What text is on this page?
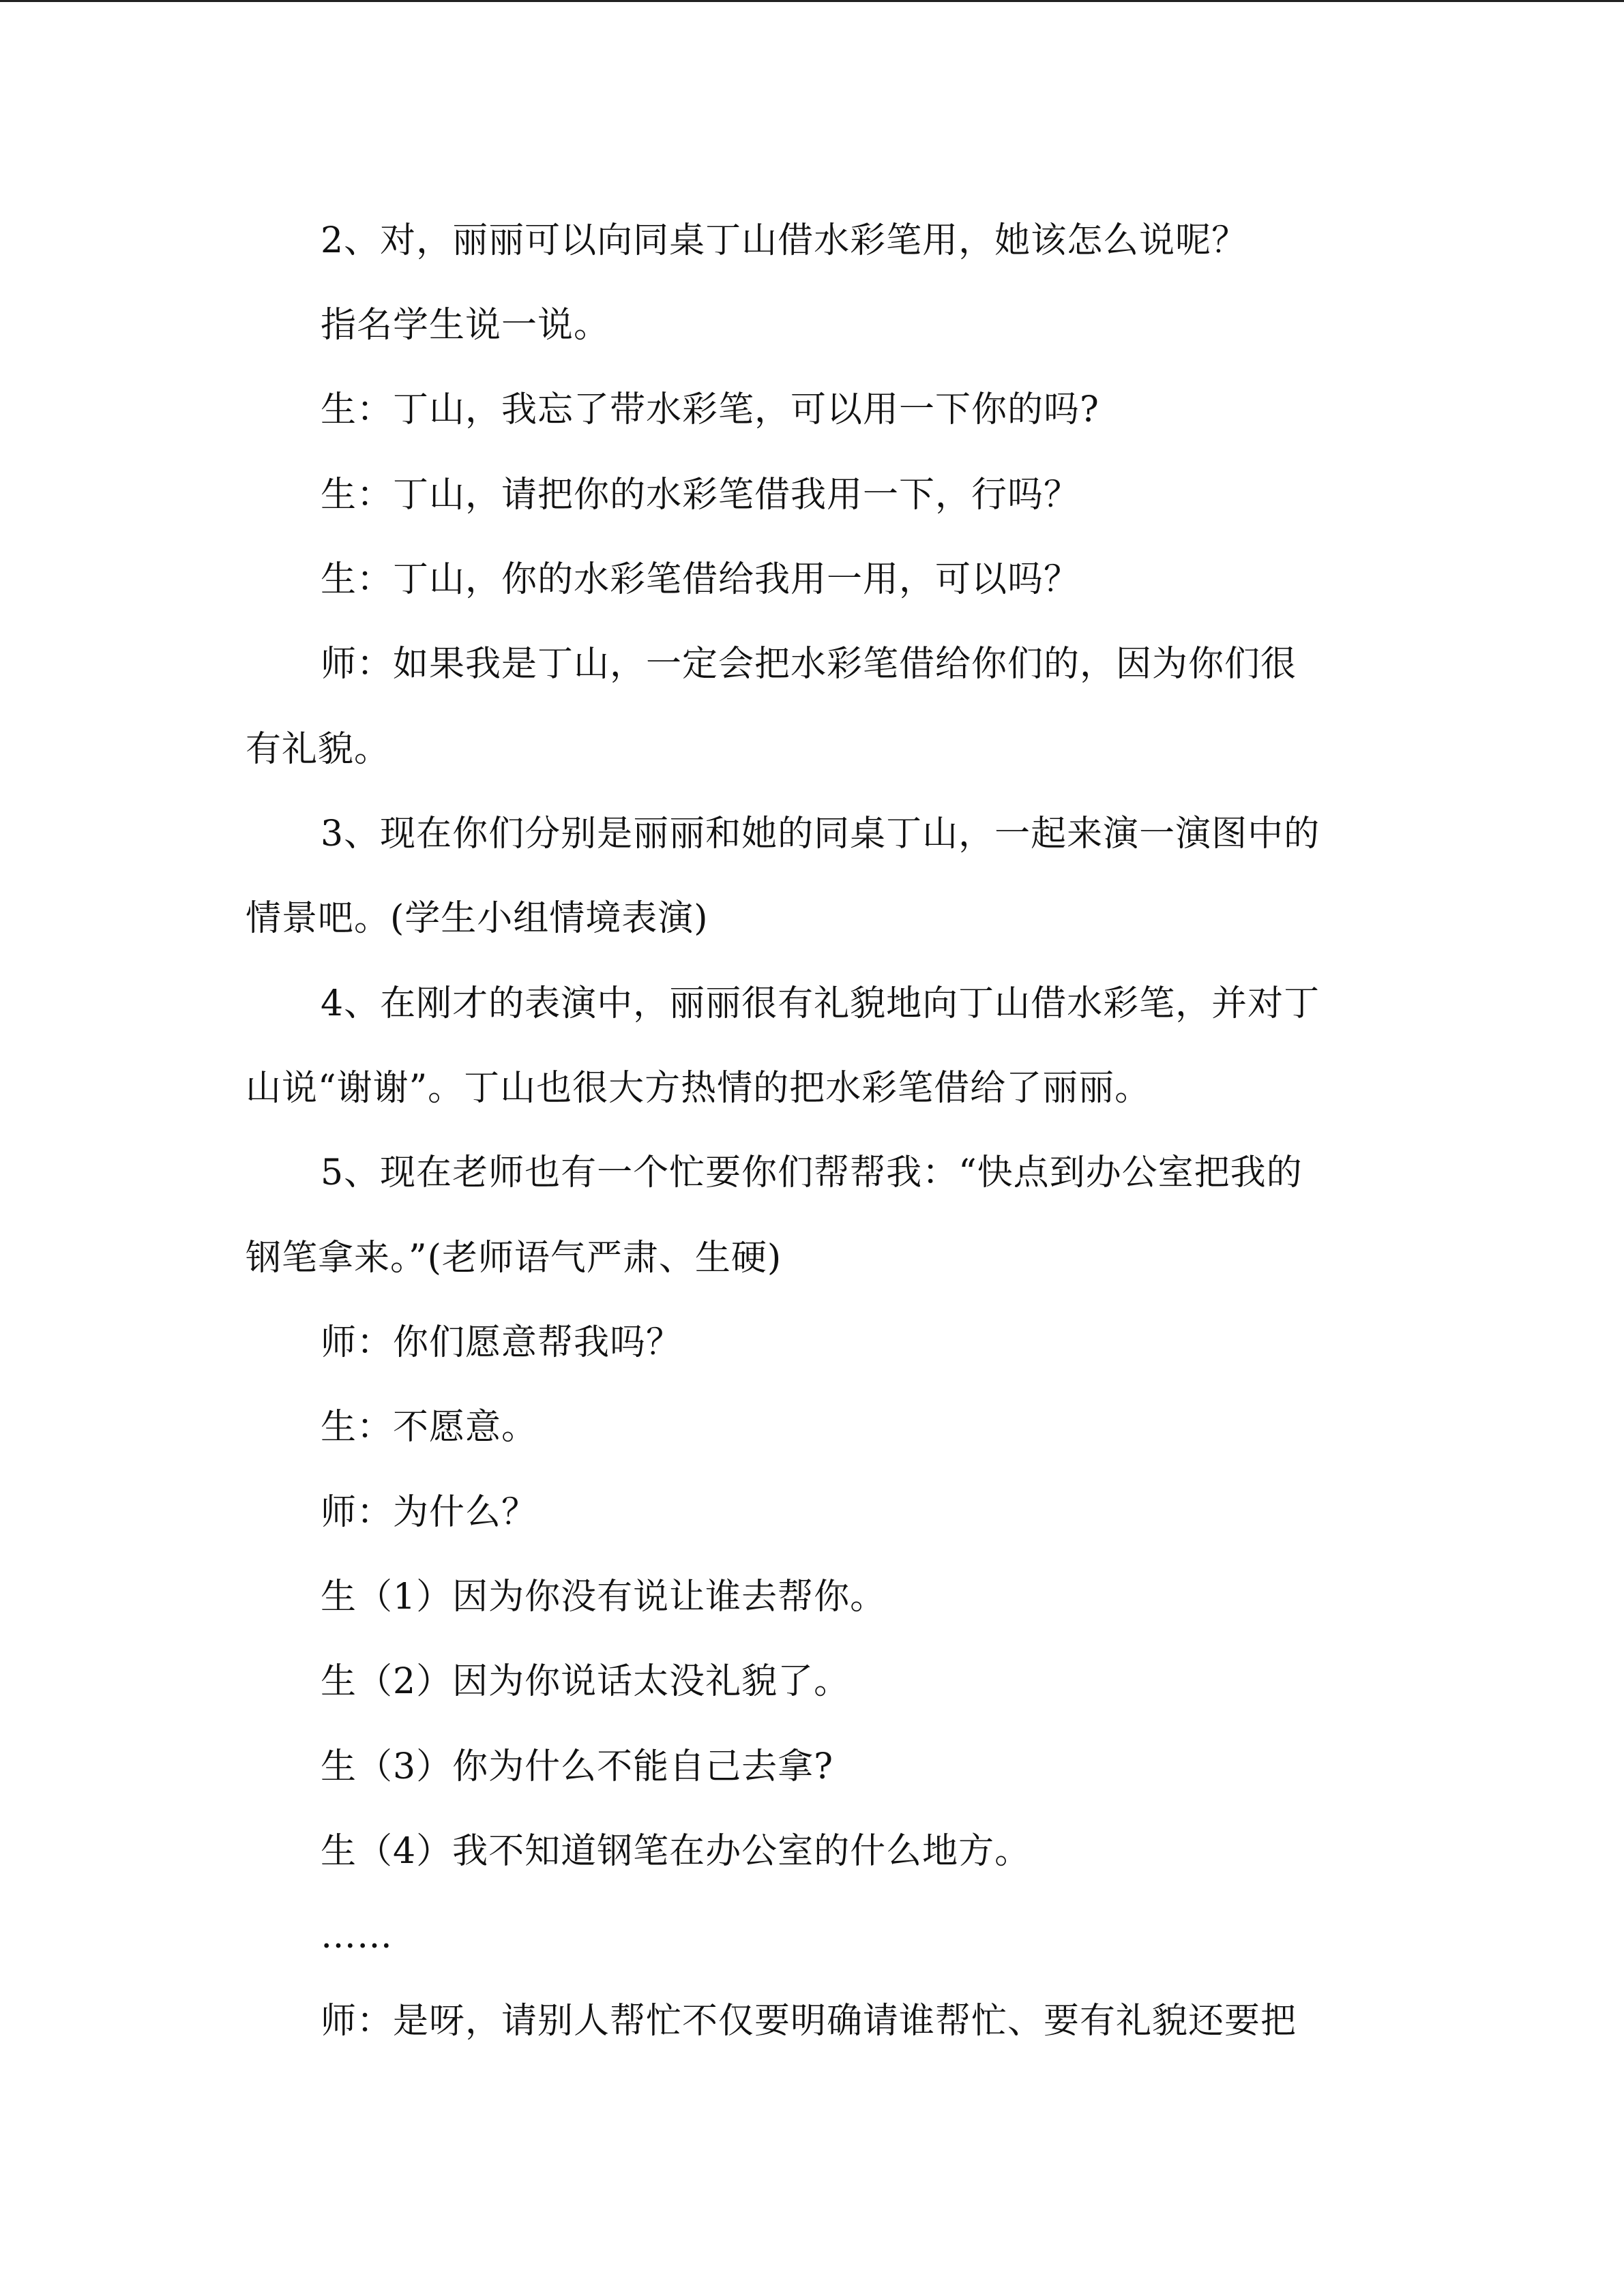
2、对，丽丽可以向同桌丁山借水彩笔用，她该怎么说呢？
指名学生说一说。
生：丁山，我忘了带水彩笔，可以用一下你的吗?
生：丁山，请把你的水彩笔借我用一下，行吗？
生：丁山，你的水彩笔借给我用一用，可以吗？
师：如果我是丁山，一定会把水彩笔借给你们的，因为你们很
有礼貌。
3、现在你们分别是丽丽和她的同桌丁山，一起来演一演图中的
情景吧。(学生小组情境表演)
4、在刚才的表演中，丽丽很有礼貌地向丁山借水彩笔，并对丁
山说“谢谢”。丁山也很大方热情的把水彩笔借给了丽丽。
5、现在老师也有一个忙要你们帮帮我：“快点到办公室把我的
钢笔拿来。”(老师语气严肃、生硬)
师：你们愿意帮我吗？
生：不愿意。
师：为什么？
生（1）因为你没有说让谁去帮你。
生（2）因为你说话太没礼貌了。
生（3）你为什么不能自己去拿?
生（4）我不知道钢笔在办公室的什么地方。
……
师：是呀，请别人帮忙不仅要明确请谁帮忙、要有礼貌还要把
